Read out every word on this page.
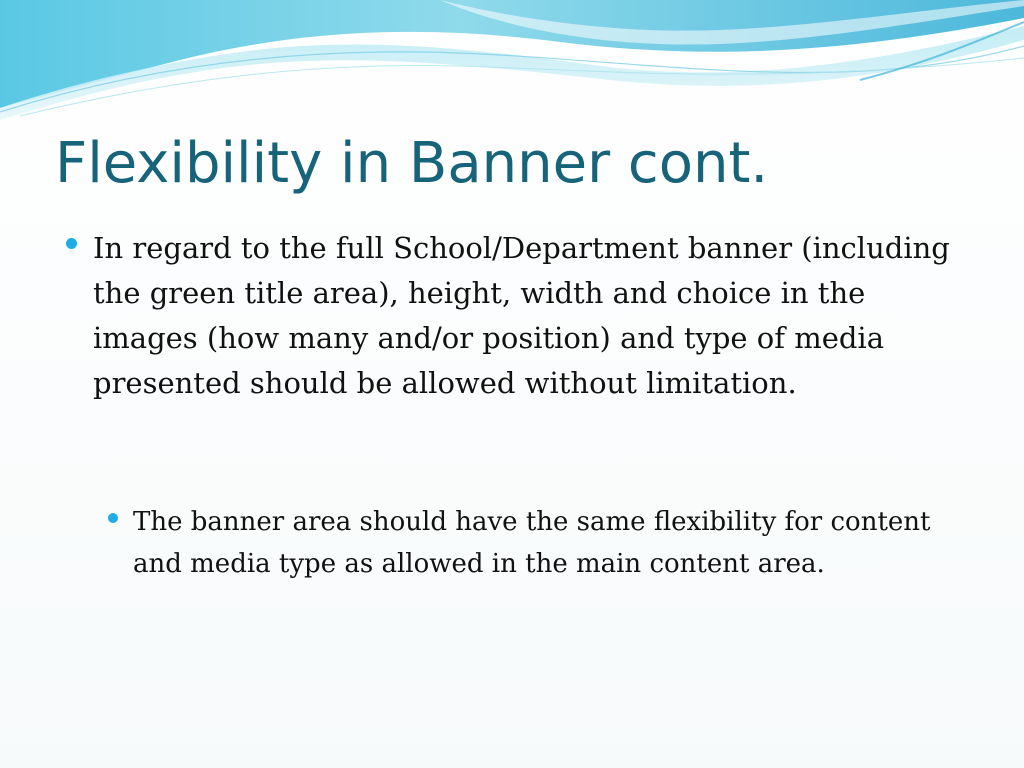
Flexibility in Banner cont.

In regard to the full School/Department banner (including the green title area), height, width and choice in the images (how many and/or position) and type of media presented should be allowed without limitation.

The banner area should have the same flexibility for content and media type as allowed in the main content area.
